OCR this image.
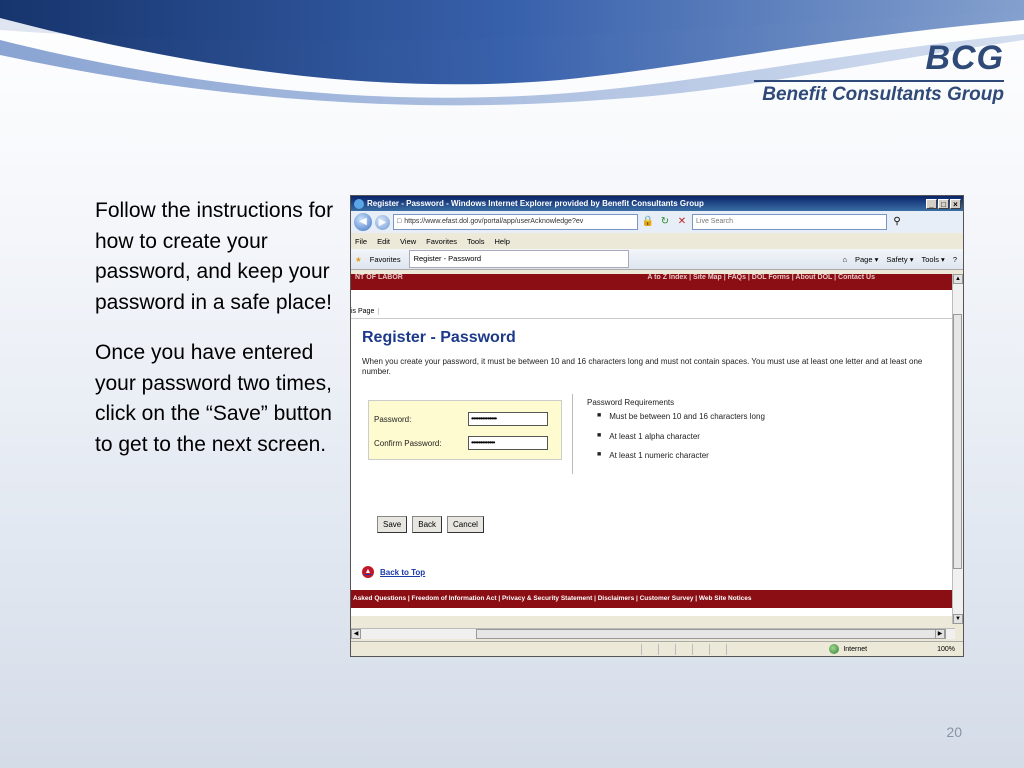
BCG
Benefit Consultants Group

Follow the instructions for how to create your password, and keep your password in a safe place!

Once you have entered your password two times, click on the “Save” button to get to the next screen.

Register - Password - Windows Internet Explorer provided by Benefit Consultants Group	_ □ ×
◀	▶	□ https://www.efast.dol.gov/portal/app/userAcknowledge?ev	🔒 ↻ ✕	Live Search	⚲
File Edit View Favorites Tools Help
★ Favorites	Register - Password	⌂ Page ▾ Safety ▾ Tools ▾ ?
NT OF LABOR	A to Z Index | Site Map | FAQs | DOL Forms | About DOL | Contact Us
is Page
Register - Password
When you create your password, it must be between 10 and 16 characters long and must not contain spaces. You must use at least one letter and at least one number.
Password:	••••••••••••••
Confirm Password:	•••••••••••••
Password Requirements
■ Must be between 10 and 16 characters long
■ At least 1 alpha character
■ At least 1 numeric character
Save	Back	Cancel
▲	Back to Top
Asked Questions | Freedom of Information Act | Privacy & Security Statement | Disclaimers | Customer Survey | Web Site Notices
▲
▼
◀	▶
Internet	100%
20
